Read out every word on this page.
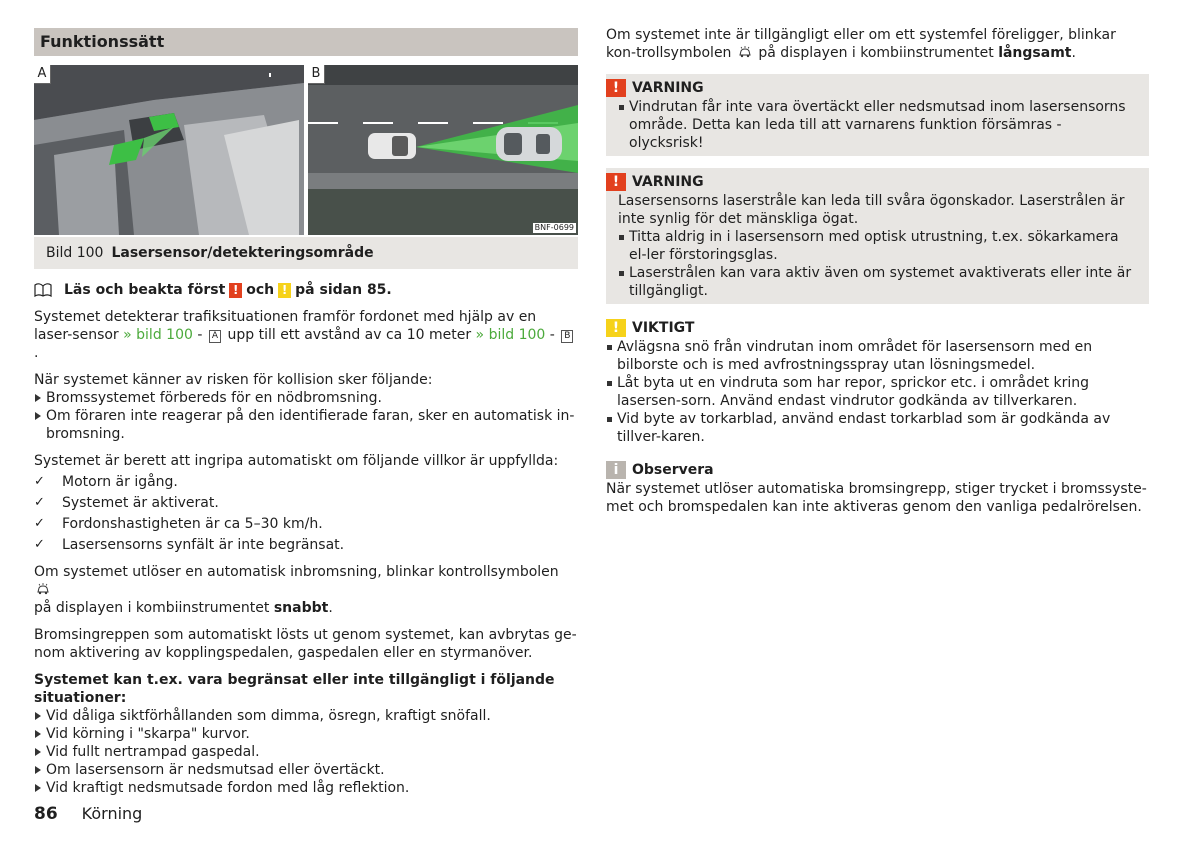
Funktionssätt
A	B
BNF-0699
Bild 100 Lasersensor/detekteringsområde
Läs och beakta först ! och ! på sidan 85.

Systemet detekterar trafiksituationen framför fordonet med hjälp av en laser-sensor » bild 100 - A upp till ett avstånd av ca 10 meter » bild 100 - B.

När systemet känner av risken för kollision sker följande:

Bromssystemet förbereds för en nödbromsning.
Om föraren inte reagerar på den identifierade faran, sker en automatisk in-bromsning.

Systemet är berett att ingripa automatiskt om följande villkor är uppfyllda:

✓ Motorn är igång.
✓ Systemet är aktiverat.
✓ Fordonshastigheten är ca 5–30 km/h.
✓ Lasersensorns synfält är inte begränsat.

Om systemet utlöser en automatisk inbromsning, blinkar kontrollsymbolen
på displayen i kombiinstrumentet snabbt.

Bromsingreppen som automatiskt lösts ut genom systemet, kan avbrytas ge-nom aktivering av kopplingspedalen, gaspedalen eller en styrmanöver.

Systemet kan t.ex. vara begränsat eller inte tillgängligt i följande situationer:

Vid dåliga siktförhållanden som dimma, ösregn, kraftigt snöfall.
Vid körning i "skarpa" kurvor.
Vid fullt nertrampad gaspedal.
Om lasersensorn är nedsmutsad eller övertäckt.
Vid kraftigt nedsmutsade fordon med låg reflektion.

Om systemet inte är tillgängligt eller om ett systemfel föreligger, blinkar kon-trollsymbolen på displayen i kombiinstrumentet långsamt.

! VARNING
Vindrutan får inte vara övertäckt eller nedsmutsad inom lasersensorns område. Detta kan leda till att varnarens funktion försämras - olycksrisk!
! VARNING

Lasersensorns laserstråle kan leda till svåra ögonskador. Laserstrålen är inte synlig för det mänskliga ögat.

Titta aldrig in i lasersensorn med optisk utrustning, t.ex. sökarkamera el-ler förstoringsglas.
Laserstrålen kan vara aktiv även om systemet avaktiverats eller inte är tillgängligt.
! VIKTIGT
Avlägsna snö från vindrutan inom området för lasersensorn med en bilborste och is med avfrostningsspray utan lösningsmedel.
Låt byta ut en vindruta som har repor, sprickor etc. i området kring lasersen-sorn. Använd endast vindrutor godkända av tillverkaren.
Vid byte av torkarblad, använd endast torkarblad som är godkända av tillver-karen.
i Observera

När systemet utlöser automatiska bromsingrepp, stiger trycket i bromssyste-met och bromspedalen kan inte aktiveras genom den vanliga pedalrörelsen.

86 Körning
